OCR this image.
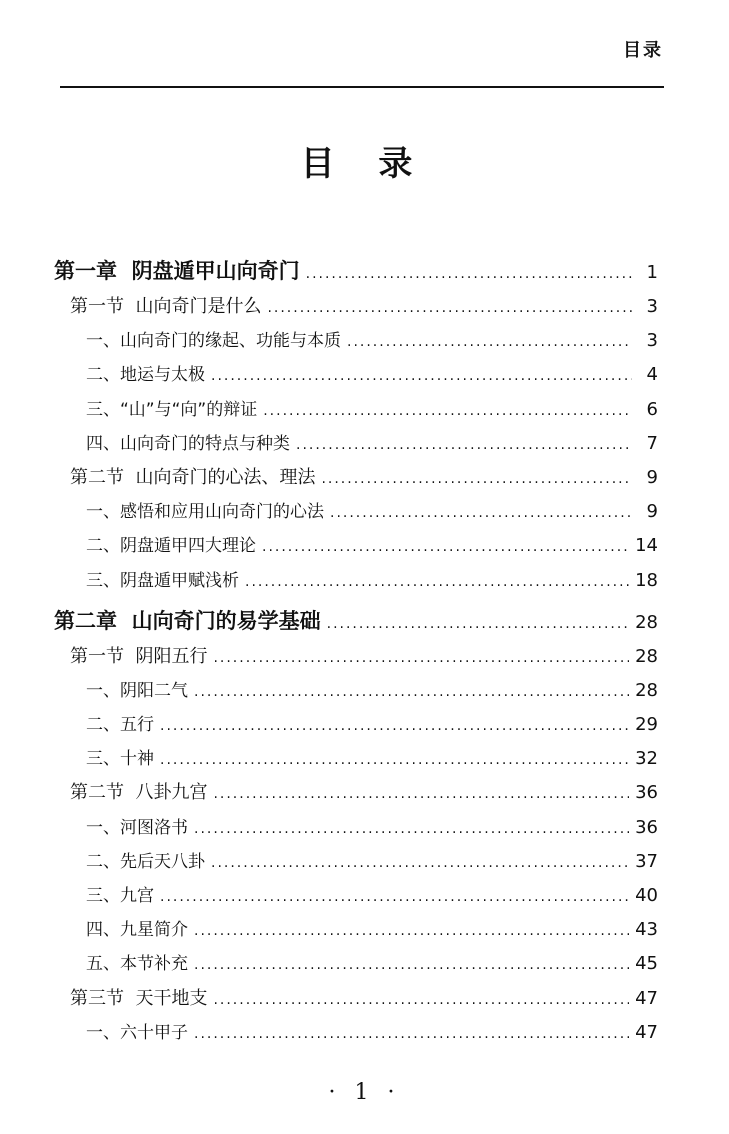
目录
目 录
第一章  阴盘遁甲山向奇门 .....	1
第一节  山向奇门是什么 .....	3
一、山向奇门的缘起、功能与本质 .....	3
二、地运与太极 .....	4
三、“山”与“向”的辩证 .....	6
四、山向奇门的特点与种类 .....	7
第二节  山向奇门的心法、理法 .....	9
一、感悟和应用山向奇门的心法 .....	9
二、阴盘遁甲四大理论 .....	14
三、阴盘遁甲赋浅析 .....	18
第二章  山向奇门的易学基础 .....	28
第一节  阴阳五行 .....	28
一、阴阳二气 .....	28
二、五行 .....	29
三、十神 .....	32
第二节  八卦九宫 .....	36
一、河图洛书 .....	36
二、先后天八卦 .....	37
三、九宫 .....	40
四、九星简介 .....	43
五、本节补充 .....	45
第三节  天干地支 .....	47
一、六十甲子 .....	47
· 1 ·
